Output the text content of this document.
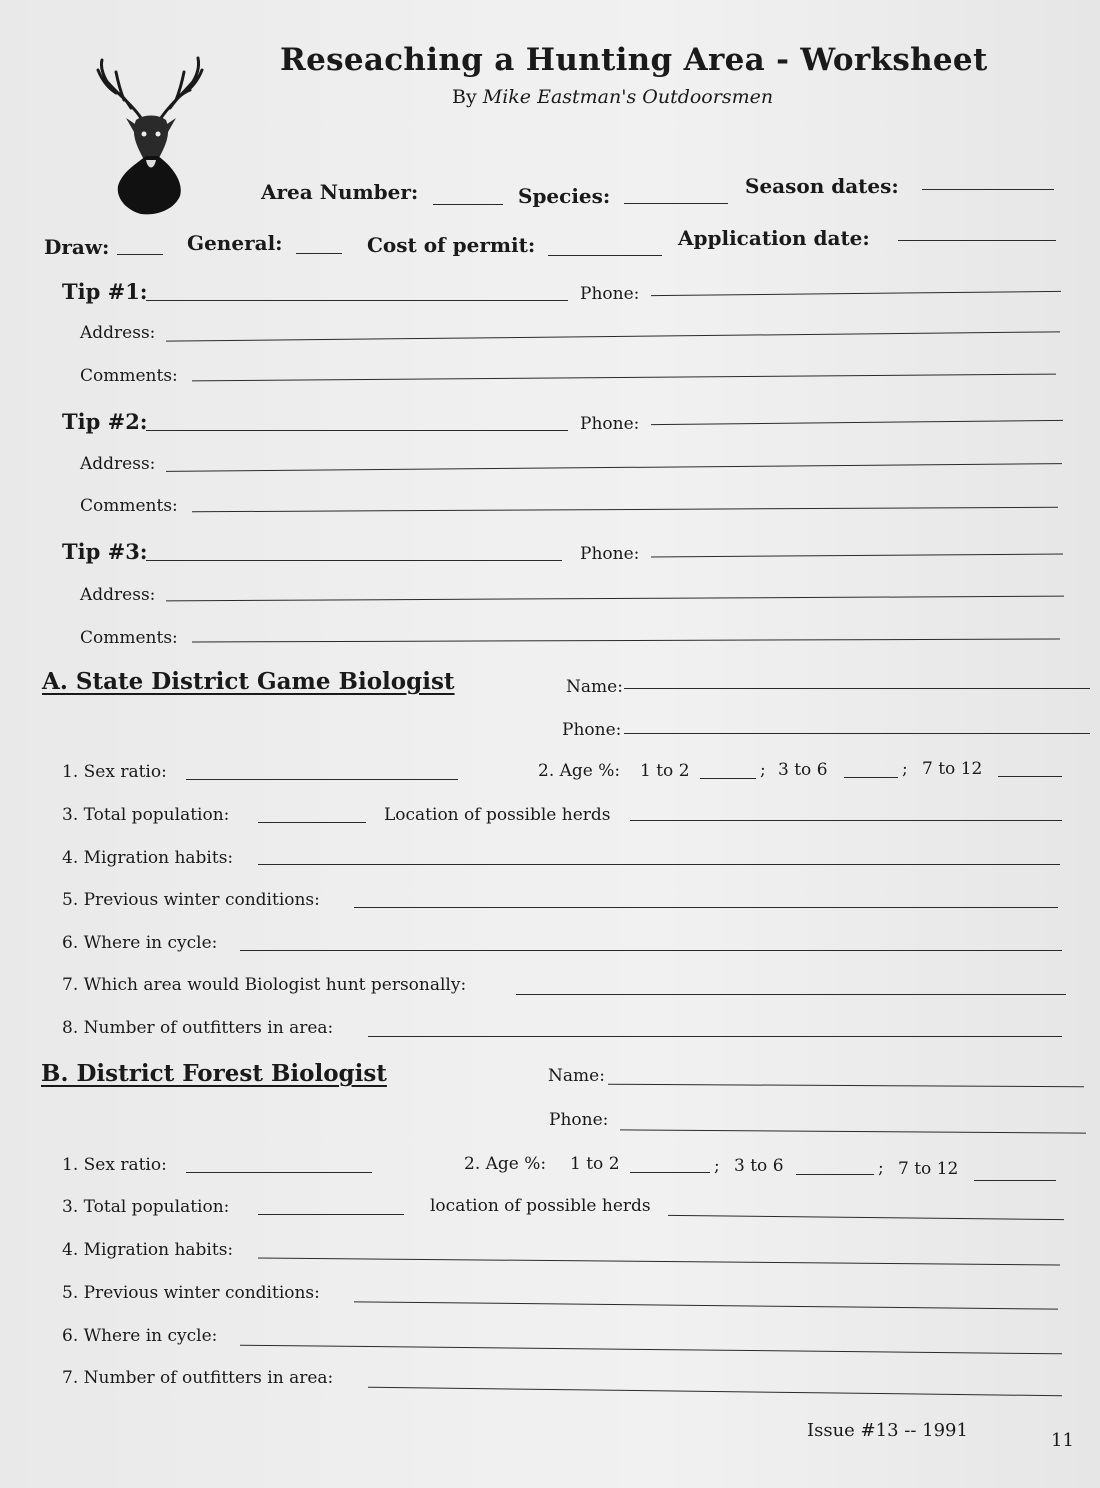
Reseaching a Hunting Area - Worksheet
By Mike Eastman's Outdoorsmen
Area Number:	Species:	Season dates:
Draw:	General:	Cost of permit:	Application date:
Tip #1:	Phone:
Address:
Comments:
Tip #2:	Phone:
Address:
Comments:
Tip #3:	Phone:
Address:
Comments:
A. State District Game Biologist	Name:
Phone:
1. Sex ratio:	2. Age %: 1 to 2	; 3 to 6	; 7 to 12
3. Total population:	Location of possible herds
4. Migration habits:
5. Previous winter conditions:
6. Where in cycle:
7. Which area would Biologist hunt personally:
8. Number of outfitters in area:
B. District Forest Biologist	Name:
Phone:
1. Sex ratio:	2. Age %: 1 to 2	; 3 to 6	; 7 to 12
3. Total population:	location of possible herds
4. Migration habits:
5. Previous winter conditions:
6. Where in cycle:
7. Number of outfitters in area:
Issue #13 -- 1991	11
